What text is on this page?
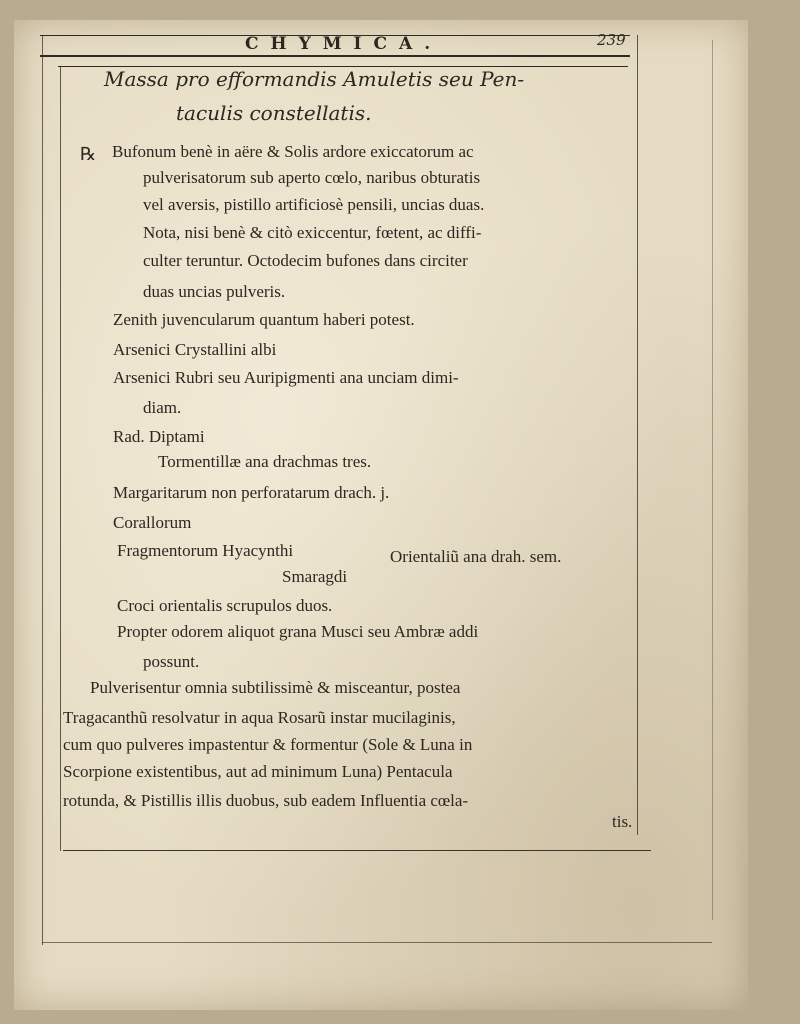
CHYMICA.	239
Massa pro efformandis Amuletis seu Pen-
taculis constellatis.
℞ Bufonum benè in aëre & Solis ardore exiccatorum ac
pulverisatorum sub aperto cœlo, naribus obturatis
vel aversis, pistillo artificiosè pensili, uncias duas.
Nota, nisi benè & citò exiccentur, fœtent, ac diffi-
culter teruntur. Octodecim bufones dans circiter
duas uncias pulveris.
Zenith juvencularum quantum haberi potest.
Arsenici Crystallini albi
Arsenici Rubri seu Auripigmenti ana unciam dimi-
diam.
Rad. Diptami
Tormentillæ ana drachmas tres.
Margaritarum non perforatarum drach. j.
Corallorum
Fragmentorum Hyacynthi
Smaragdi
Orientaliũ ana drah. sem.
Croci orientalis scrupulos duos.
Propter odorem aliquot grana Musci seu Ambræ addi
possunt.
Pulverisentur omnia subtilissimè & misceantur, postea
Tragacanthũ resolvatur in aqua Rosarũ instar mucilaginis,
cum quo pulveres impastentur & formentur (Sole & Luna in
Scorpione existentibus, aut ad minimum Luna) Pentacula
rotunda, & Pistillis illis duobus, sub eadem Influentia cœla-
tis.
